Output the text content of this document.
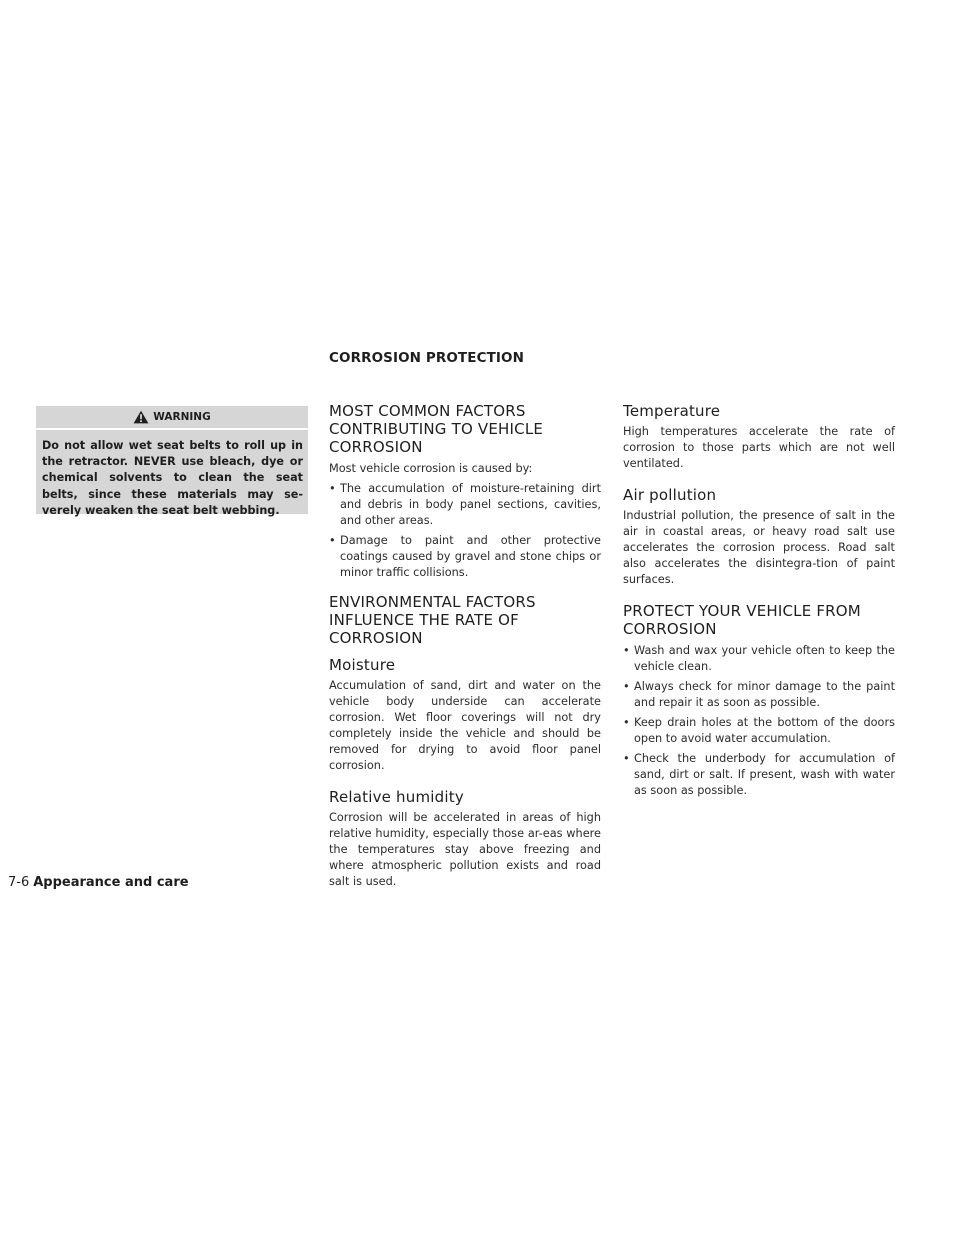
CORROSION PROTECTION
WARNING
Do not allow wet seat belts to roll up in the retractor. NEVER use bleach, dye or chemical solvents to clean the seat belts, since these materials may se-verely weaken the seat belt webbing.
MOST COMMON FACTORS CONTRIBUTING TO VEHICLE CORROSION

Most vehicle corrosion is caused by:

• The accumulation of moisture-retaining dirt and debris in body panel sections, cavities, and other areas.
• Damage to paint and other protective coatings caused by gravel and stone chips or minor traffic collisions.
ENVIRONMENTAL FACTORS INFLUENCE THE RATE OF CORROSION
Moisture

Accumulation of sand, dirt and water on the vehicle body underside can accelerate corrosion. Wet floor coverings will not dry completely inside the vehicle and should be removed for drying to avoid floor panel corrosion.

Relative humidity

Corrosion will be accelerated in areas of high relative humidity, especially those ar-eas where the temperatures stay above freezing and where atmospheric pollution exists and road salt is used.

Temperature

High temperatures accelerate the rate of corrosion to those parts which are not well ventilated.

Air pollution

Industrial pollution, the presence of salt in the air in coastal areas, or heavy road salt use accelerates the corrosion process. Road salt also accelerates the disintegra-tion of paint surfaces.

PROTECT YOUR VEHICLE FROM CORROSION
• Wash and wax your vehicle often to keep the vehicle clean.
• Always check for minor damage to the paint and repair it as soon as possible.
• Keep drain holes at the bottom of the doors open to avoid water accumulation.
• Check the underbody for accumulation of sand, dirt or salt. If present, wash with water as soon as possible.
7-6 Appearance and care
